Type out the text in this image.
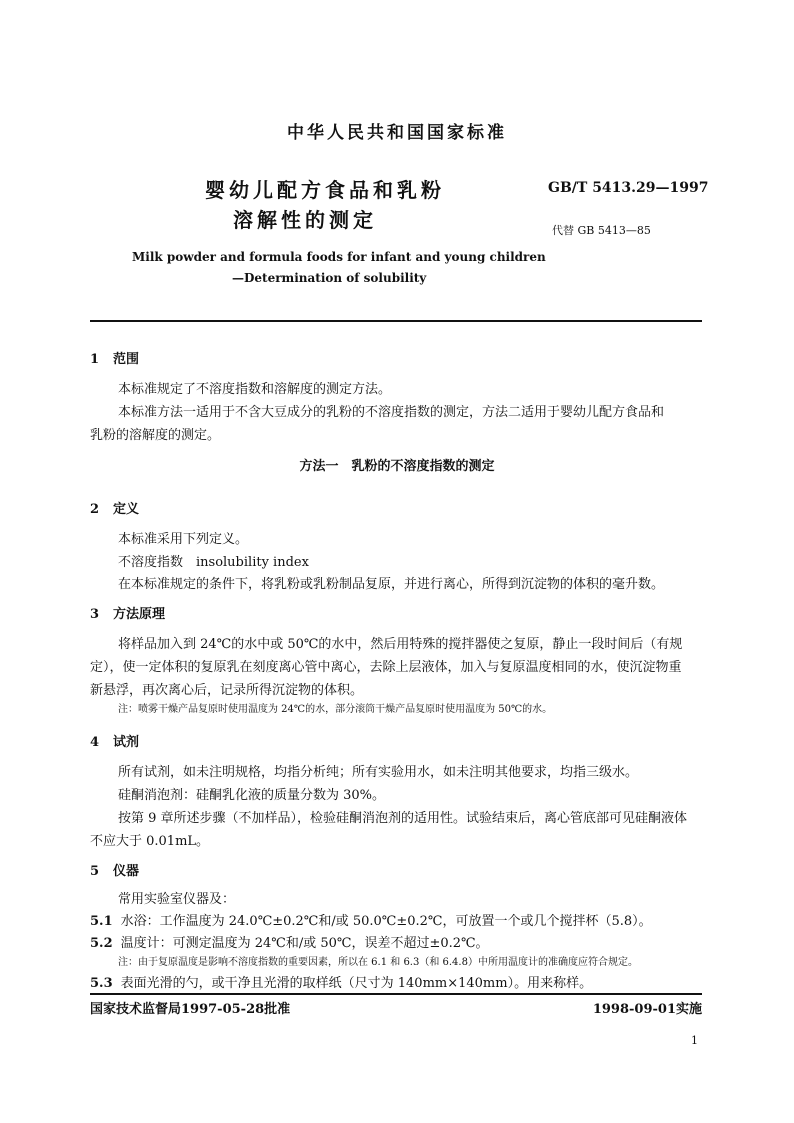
中华人民共和国国家标准
婴幼儿配方食品和乳粉
溶解性的测定
GB/T 5413.29—1997
代替 GB 5413—85
Milk powder and formula foods for infant and young children
—Determination of solubility
1 范围
本标准规定了不溶度指数和溶解度的测定方法。
本标准方法一适用于不含大豆成分的乳粉的不溶度指数的测定，方法二适用于婴幼儿配方食品和
乳粉的溶解度的测定。
方法一　乳粉的不溶度指数的测定
2 定义
本标准采用下列定义。
不溶度指数　insolubility index
在本标准规定的条件下，将乳粉或乳粉制品复原，并进行离心，所得到沉淀物的体积的毫升数。
3 方法原理
将样品加入到 24℃的水中或 50℃的水中，然后用特殊的搅拌器使之复原，静止一段时间后（有规
定），使一定体积的复原乳在刻度离心管中离心，去除上层液体，加入与复原温度相同的水，使沉淀物重
新悬浮，再次离心后，记录所得沉淀物的体积。
注：喷雾干燥产品复原时使用温度为 24℃的水，部分滚筒干燥产品复原时使用温度为 50℃的水。
4 试剂
所有试剂，如未注明规格，均指分析纯；所有实验用水，如未注明其他要求，均指三级水。
硅酮消泡剂：硅酮乳化液的质量分数为 30%。
按第 9 章所述步骤（不加样品），检验硅酮消泡剂的适用性。试验结束后，离心管底部可见硅酮液体
不应大于 0.01mL。
5 仪器
常用实验室仪器及：
5.1 水浴：工作温度为 24.0℃±0.2℃和/或 50.0℃±0.2℃，可放置一个或几个搅拌杯（5.8）。
5.2 温度计：可测定温度为 24℃和/或 50℃，误差不超过±0.2℃。
注：由于复原温度是影响不溶度指数的重要因素，所以在 6.1 和 6.3（和 6.4.8）中所用温度计的准确度应符合规定。
5.3 表面光滑的勺，或干净且光滑的取样纸（尺寸为 140mm×140mm）。用来称样。
国家技术监督局1997-05-28批准	1998-09-01实施
1
